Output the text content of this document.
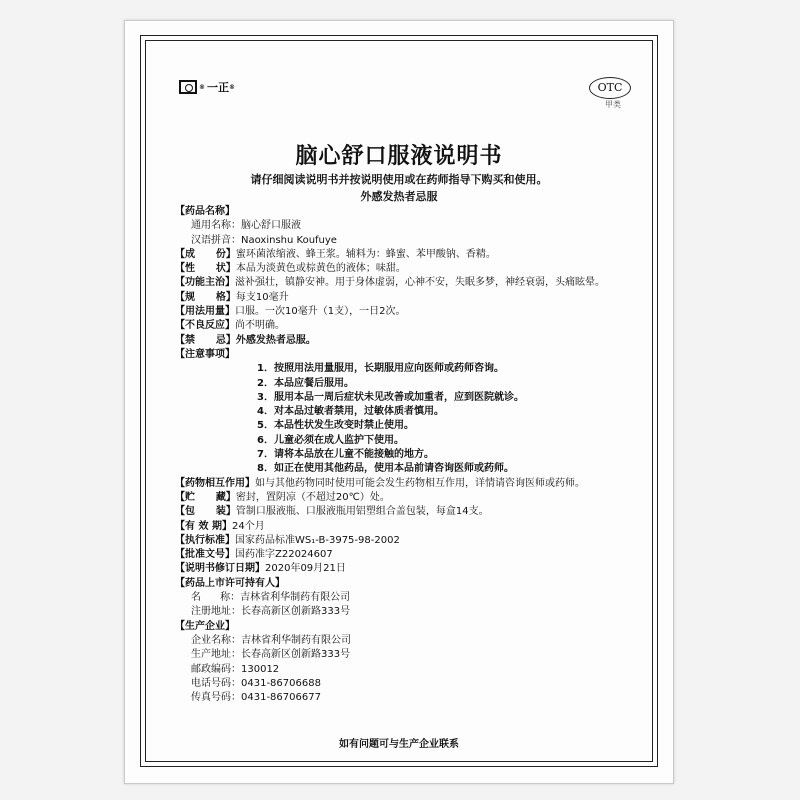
® 一正 ®	OTC
甲类
脑心舒口服液说明书
请仔细阅读说明书并按说明使用或在药师指导下购买和使用。
外感发热者忌服
【药品名称】
通用名称： 脑心舒口服液
汉语拼音： Naoxinshu Koufuye
【成      份】 蜜环菌浓缩液、蜂王浆。辅料为：蜂蜜、苯甲酸钠、香精。
【性      状】 本品为淡黄色或棕黄色的液体；味甜。
【功能主治】 滋补强壮，镇静安神。用于身体虚弱，心神不安，失眠多梦，神经衰弱，头痛眩晕。
【规      格】 每支10毫升
【用法用量】 口服。一次10毫升（1支），一日2次。
【不良反应】 尚不明确。
【禁      忌】 外感发热者忌服。
【注意事项】
1．按照用法用量服用，长期服用应向医师或药师咨询。
2．本品应餐后服用。
3．服用本品一周后症状未见改善或加重者，应到医院就诊。
4．对本品过敏者禁用，过敏体质者慎用。
5．本品性状发生改变时禁止使用。
6．儿童必须在成人监护下使用。
7．请将本品放在儿童不能接触的地方。
8．如正在使用其他药品，使用本品前请咨询医师或药师。
【药物相互作用】 如与其他药物同时使用可能会发生药物相互作用，详情请咨询医师或药师。
【贮      藏】 密封，置阴凉（不超过20℃）处。
【包      装】 管制口服液瓶、口服液瓶用铝塑组合盖包装，每盒14支。
【有 效 期】 24个月
【执行标准】 国家药品标准WS₁-B-3975-98-2002
【批准文号】 国药准字Z22024607
【说明书修订日期】 2020年09月21日
【药品上市许可持有人】
名      称： 吉林省利华制药有限公司
注册地址： 长春高新区创新路333号
【生产企业】
企业名称： 吉林省利华制药有限公司
生产地址： 长春高新区创新路333号
邮政编码： 130012
电话号码： 0431-86706688
传真号码： 0431-86706677
如有问题可与生产企业联系
